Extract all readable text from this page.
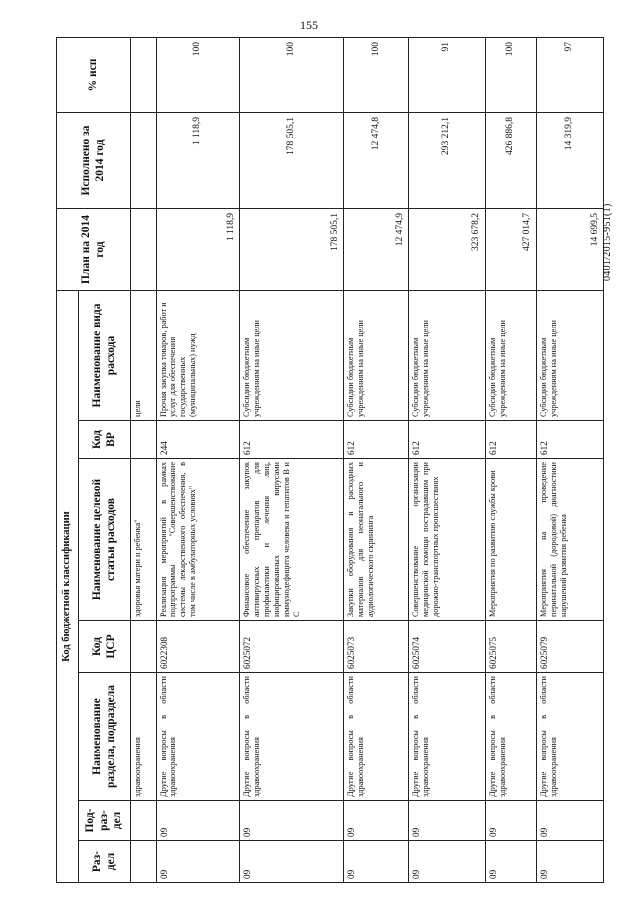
155
0401/2015-951(1)
Код бюджетной классификации							План на 2014 год	Исполнено за 2014 год	% исп
Раз-дел	Под-раз-дел	Наименование раздела, подраздела	Код ЦСР	Наименование целевой статьи расходов	Код ВР	Наименование вида расхода			
		здравоохранения		здоровья матери и ребенка"		цели			
09	09	Другие вопросы в области здравоохранения	6022308	Реализация мероприятий в рамках подпрограммы "Совершенствование системы лекарственного обеспечения, в том числе в амбулаторных условиях"	244	Прочая закупка товаров, работ и услуг для обеспечения государственных (муниципальных) нужд	1 118,9	1 118,9	100
09	09	Другие вопросы в области здравоохранения	6025072	Финансовое обеспечение закупок антивирусных препаратов для профилактики и лечения лиц, инфицированных вирусами иммунодефицита человека и гепатитов В и С	612	Субсидии бюджетным учреждениям на иные цели	178 505,1	178 505,1	100
09	09	Другие вопросы в области здравоохранения	6025073	Закупки оборудования и расходных материалов для неонатального и аудиологического скрининга	612	Субсидии бюджетным учреждениям на иные цели	12 474,9	12 474,8	100
09	09	Другие вопросы в области здравоохранения	6025074	Совершенствование организации медицинской помощи пострадавшим при дорожно-транспортных происшествиях	612	Субсидии бюджетным учреждениям на иные цели	323 678,2	293 212,1	91
09	09	Другие вопросы в области здравоохранения	6025075	Мероприятия по развитию службы крови	612	Субсидии бюджетным учреждениям на иные цели	427 014,7	426 886,8	100
09	09	Другие вопросы в области здравоохранения	6025079	Мероприятия на проведение перинатальной (дородовой) диагностики нарушений развития ребенка	612	Субсидии бюджетным учреждениям на иные цели	14 699,5	14 319,9	97
